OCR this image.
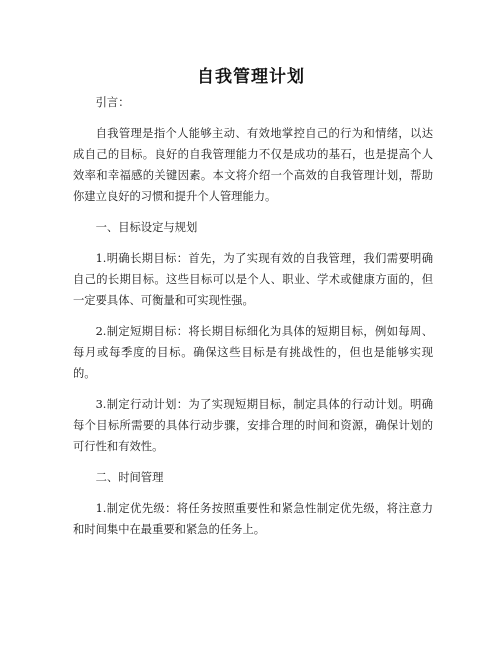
自我管理计划

引言：

自我管理是指个人能够主动、有效地掌控自己的行为和情绪，以达成自己的目标。良好的自我管理能力不仅是成功的基石，也是提高个人效率和幸福感的关键因素。本文将介绍一个高效的自我管理计划，帮助你建立良好的习惯和提升个人管理能力。

一、目标设定与规划

1.明确长期目标：首先，为了实现有效的自我管理，我们需要明确自己的长期目标。这些目标可以是个人、职业、学术或健康方面的，但一定要具体、可衡量和可实现性强。

2.制定短期目标：将长期目标细化为具体的短期目标，例如每周、每月或每季度的目标。确保这些目标是有挑战性的，但也是能够实现的。

3.制定行动计划：为了实现短期目标，制定具体的行动计划。明确每个目标所需要的具体行动步骤，安排合理的时间和资源，确保计划的可行性和有效性。

二、时间管理

1.制定优先级：将任务按照重要性和紧急性制定优先级，将注意力和时间集中在最重要和紧急的任务上。
